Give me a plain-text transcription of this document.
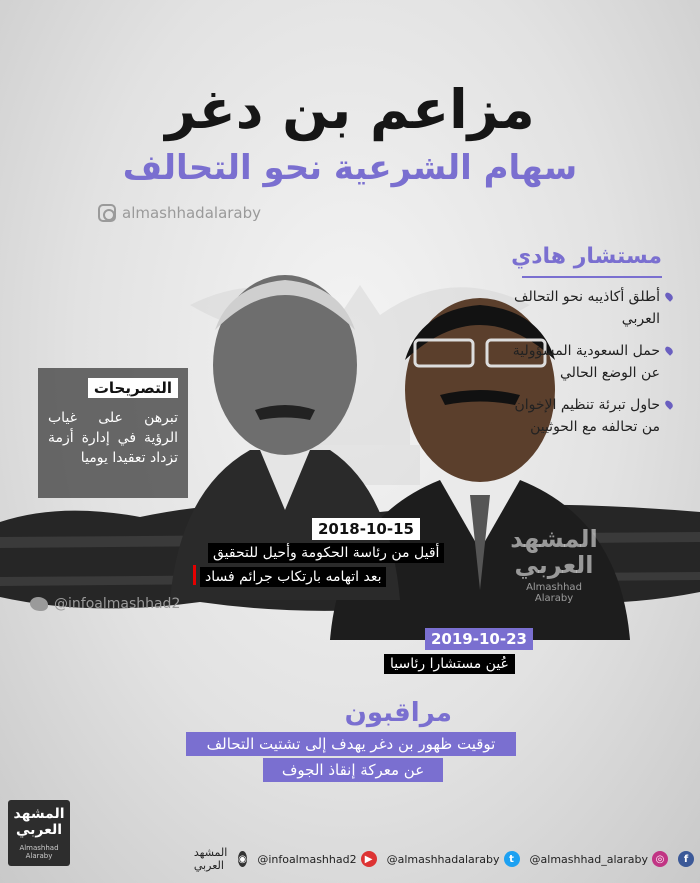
مزاعم بن دغر
سهام الشرعية نحو التحالف
almashhadalaraby
مستشار هادي
أطلق أكاذيبه نحو التحالف العربي
حمل السعودية المسؤولية عن الوضع الحالي
حاول تبرئة تنظيم الإخوان من تحالفه مع الحوثيين
التصريحات
تبرهن على غياب الرؤية في إدارة أزمة تزداد تعقيدا يوميا
2018-10-15
أقيل من رئاسة الحكومة وأحيل للتحقيق
بعد اتهامه بارتكاب جرائم فساد
2019-10-23
عُين مستشارا رئاسيا
@infoalmashhad2
المشهد العربي
Almashhad Alaraby
مراقبون
توقيت ظهور بن دغر يهدف إلى تشتيت التحالف
عن معركة إنقاذ الجوف
المشهد العربي
Almashhad Alaraby	المشهد العربي	◉ @infoalmashhad2 ▶	@almashhadalaraby t	@almashhad_alaraby ◎	f
